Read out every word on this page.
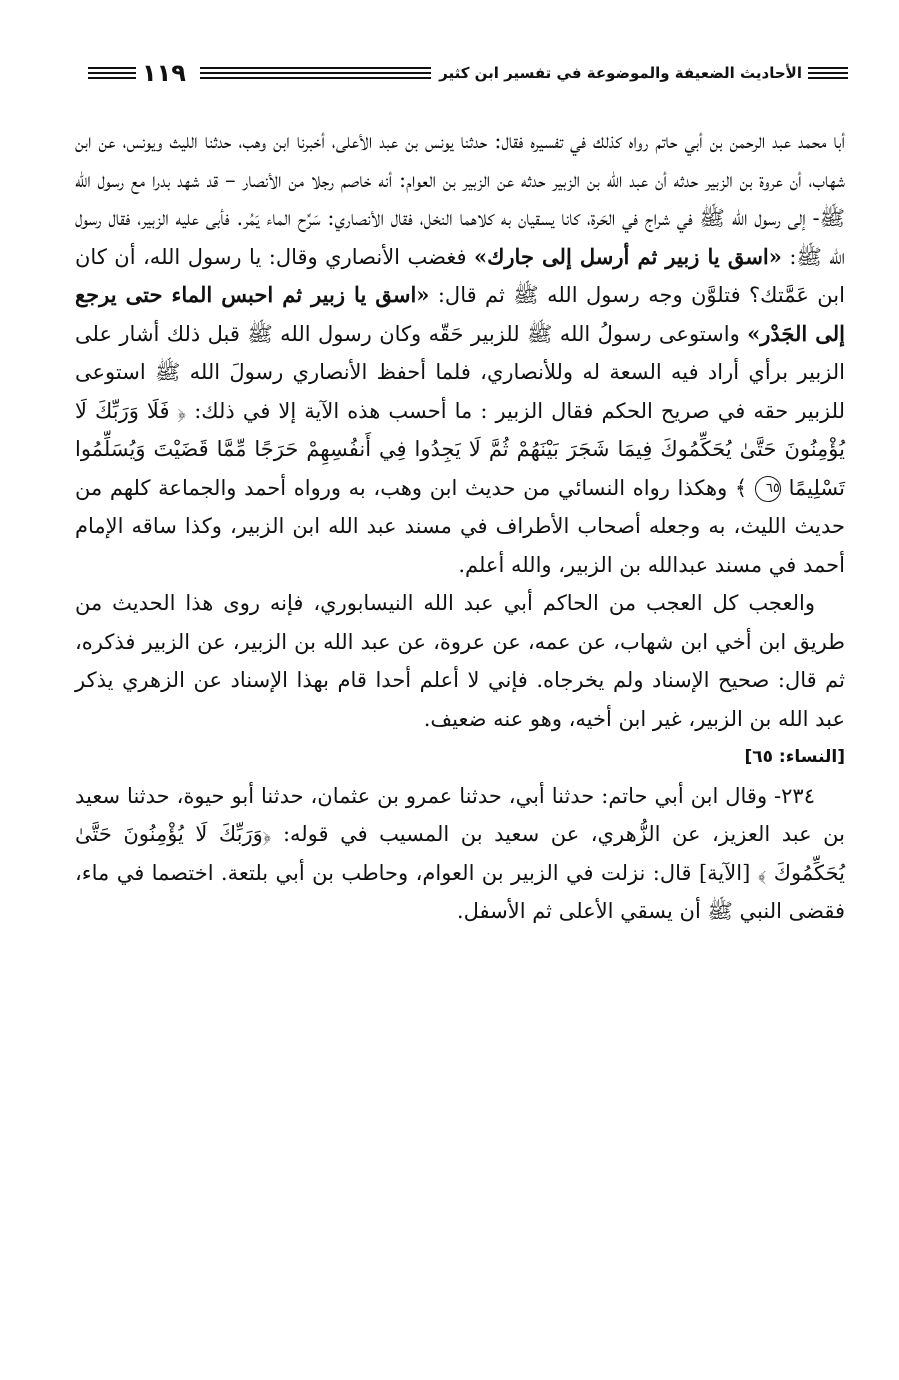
الأحاديث الضعيفة والموضوعة في تفسير ابن كثير
١١٩

أبا محمد عبد الرحمن بن أبي حاتم رواه كذلك في تفسيره فقال: حدثنا يونس بن عبد الأعلى، أخبرنا ابن وهب، حدثنا الليث ويونس، عن ابن شهاب، أن عروة بن الزبير حدثه أن عبد الله بن الزبير حدثه عن الزبير بن العوام: أنه خاصم رجلا من الأنصار – قد شهد بدرا مع رسول الله ﷺ- إلى رسول الله ﷺ في شراج في الحَرة، كانا يسقيان به كلاهما النخل، فقال الأنصاري: سَرِّح الماء يَمُر. فأبى عليه الزبير، فقال رسول الله ﷺ: «اسق يا زبير ثم أرسل إلى جارك» فغضب الأنصاري وقال: يا رسول الله، أن كان ابن عَمَّتك؟ فتلوَّن وجه رسول الله ﷺ ثم قال: «اسق يا زبير ثم احبس الماء حتى يرجع إلى الجَدْر» واستوعى رسولُ الله ﷺ للزبير حَقّه وكان رسول الله ﷺ قبل ذلك أشار على الزبير برأي أراد فيه السعة له وللأنصاري، فلما أحفظ الأنصاري رسولَ الله ﷺ استوعى للزبير حقه في صريح الحكم فقال الزبير : ما أحسب هذه الآية إلا في ذلك: ﴿ فَلَا وَرَبِّكَ لَا يُؤْمِنُونَ حَتَّىٰ يُحَكِّمُوكَ فِيمَا شَجَرَ بَيْنَهُمْ ثُمَّ لَا يَجِدُوا فِي أَنفُسِهِمْ حَرَجًا مِّمَّا قَضَيْتَ وَيُسَلِّمُوا تَسْلِيمًا ٦٥ ﴾ وهكذا رواه النسائي من حديث ابن وهب، به ورواه أحمد والجماعة كلهم من حديث الليث، به وجعله أصحاب الأطراف في مسند عبد الله ابن الزبير، وكذا ساقه الإمام أحمد في مسند عبدالله بن الزبير، والله أعلم.

والعجب كل العجب من الحاكم أبي عبد الله النيسابوري، فإنه روى هذا الحديث من طريق ابن أخي ابن شهاب، عن عمه، عن عروة، عن عبد الله بن الزبير، عن الزبير فذكره، ثم قال: صحيح الإسناد ولم يخرجاه. فإني لا أعلم أحدا قام بهذا الإسناد عن الزهري يذكر عبد الله بن الزبير، غير ابن أخيه، وهو عنه ضعيف.

[النساء: ٦٥]

٢٣٤- وقال ابن أبي حاتم: حدثنا أبي، حدثنا عمرو بن عثمان، حدثنا أبو حيوة، حدثنا سعيد بن عبد العزيز، عن الزُّهري، عن سعيد بن المسيب في قوله: ﴿وَرَبِّكَ لَا يُؤْمِنُونَ حَتَّىٰ يُحَكِّمُوكَ ﴾ [الآية] قال: نزلت في الزبير بن العوام، وحاطب بن أبي بلتعة. اختصما في ماء، فقضى النبي ﷺ أن يسقي الأعلى ثم الأسفل.
